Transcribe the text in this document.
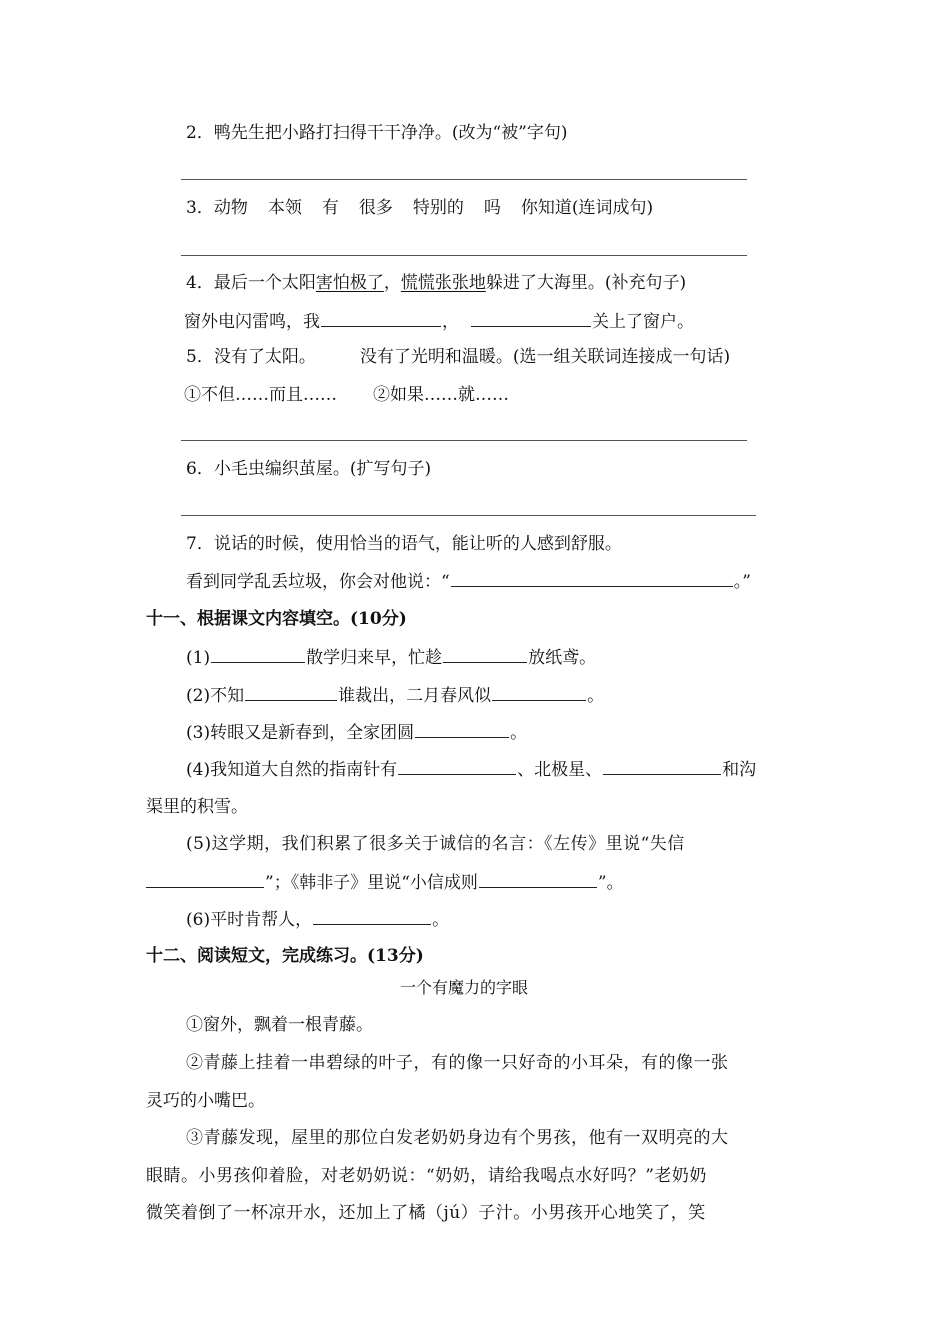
2．鸭先生把小路打扫得干干净净。(改为“被”字句)
3．动物 本领 有 很多 特别的 吗 你知道(连词成句)
4．最后一个太阳害怕极了，慌慌张张地躲进了大海里。(补充句子)
窗外电闪雷鸣，我	，	关上了窗户。
5．没有了太阳。	没有了光明和温暖。(选一组关联词连接成一句话)
①不但……而且…… ②如果……就……
6．小毛虫编织茧屋。(扩写句子)
7．说话的时候，使用恰当的语气，能让听的人感到舒服。
看到同学乱丢垃圾，你会对他说：“	。”
十一、根据课文内容填空。(10分)
(1)	散学归来早，忙趁	放纸鸢。
(2)不知	谁裁出，二月春风似	。
(3)转眼又是新春到，全家团圆	。
(4)我知道大自然的指南针有	、北极星、	和沟
渠里的积雪。
(5)这学期，我们积累了很多关于诚信的名言：《左传》里说“失信
”；《韩非子》里说“小信成则	”。
(6)平时肯帮人，	。
十二、阅读短文，完成练习。(13分)
一个有魔力的字眼
①窗外，飘着一根青藤。
②青藤上挂着一串碧绿的叶子，有的像一只好奇的小耳朵，有的像一张
灵巧的小嘴巴。
③青藤发现，屋里的那位白发老奶奶身边有个男孩，他有一双明亮的大
眼睛。小男孩仰着脸，对老奶奶说：“奶奶，请给我喝点水好吗？”老奶奶
微笑着倒了一杯凉开水，还加上了橘（jú）子汁。小男孩开心地笑了，笑
